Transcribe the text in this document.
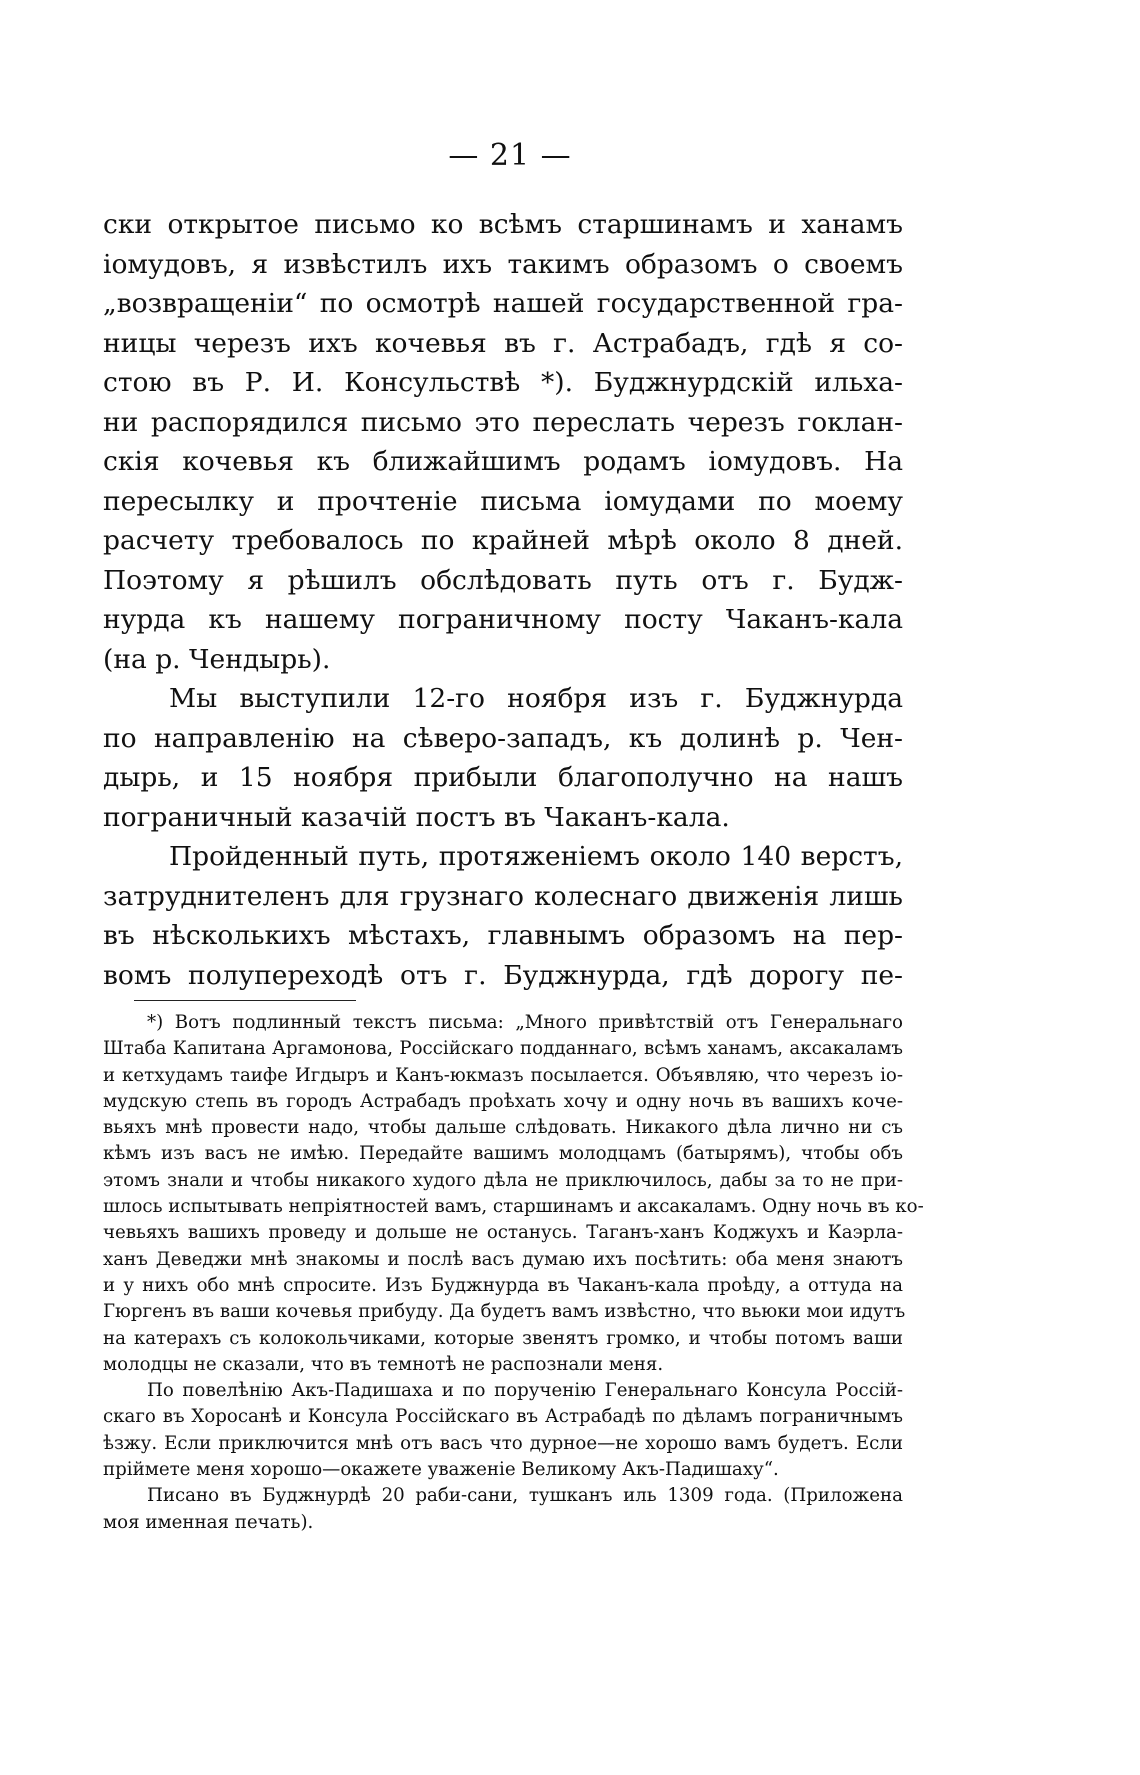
— 21 —
ски открытое письмо ко всѣмъ старшинамъ и ханамъ
іомудовъ, я извѣстилъ ихъ такимъ образомъ о своемъ
„возвращеніи“ по осмотрѣ нашей государственной гра-
ницы черезъ ихъ кочевья въ г. Астрабадъ, гдѣ я со-
стою въ Р. И. Консульствѣ *). Буджнурдскій ильха-
ни распорядился письмо это переслать черезъ гоклан-
скія кочевья къ ближайшимъ родамъ іомудовъ. На
пересылку и прочтеніе письма іомудами по моему
расчету требовалось по крайней мѣрѣ около 8 дней.
Поэтому я рѣшилъ обслѣдовать путь отъ г. Будж-
нурда къ нашему пограничному посту Чаканъ-кала
(на р. Чендырь).
Мы выступили 12-го ноября изъ г. Буджнурда
по направленію на сѣверо-западъ, къ долинѣ р. Чен-
дырь, и 15 ноября прибыли благополучно на нашъ
пограничный казачій постъ въ Чаканъ-кала.
Пройденный путь, протяженіемъ около 140 верстъ,
затруднителенъ для грузнаго колеснаго движенія лишь
въ нѣсколькихъ мѣстахъ, главнымъ образомъ на пер-
вомъ полупереходѣ отъ г. Буджнурда, гдѣ дорогу пе-
*) Вотъ подлинный текстъ письма: „Много привѣтствій отъ Генеральнаго
Штаба Капитана Аргамонова, Россійскаго подданнаго, всѣмъ ханамъ, аксакаламъ
и кетхудамъ таифе Игдыръ и Канъ-юкмазъ посылается. Объявляю, что черезъ іо-
мудскую степь въ городъ Астрабадъ проѣхать хочу и одну ночь въ вашихъ коче-
вьяхъ мнѣ провести надо, чтобы дальше слѣдовать. Никакого дѣла лично ни съ
кѣмъ изъ васъ не имѣю. Передайте вашимъ молодцамъ (батырямъ), чтобы объ
этомъ знали и чтобы никакого худого дѣла не приключилось, дабы за то не при-
шлось испытывать непріятностей вамъ, старшинамъ и аксакаламъ. Одну ночь въ ко-
чевьяхъ вашихъ проведу и дольше не останусь. Таганъ-ханъ Коджухъ и Каэрла-
ханъ Деведжи мнѣ знакомы и послѣ васъ думаю ихъ посѣтить: оба меня знаютъ
и у нихъ обо мнѣ спросите. Изъ Буджнурда въ Чаканъ-кала проѣду, а оттуда на
Гюргенъ въ ваши кочевья прибуду. Да будетъ вамъ извѣстно, что вьюки мои идутъ
на катерахъ съ колокольчиками, которые звенятъ громко, и чтобы потомъ ваши
молодцы не сказали, что въ темнотѣ не распознали меня.
По повелѣнію Акъ-Падишаха и по порученію Генеральнаго Консула Россій-
скаго въ Хоросанѣ и Консула Россійскаго въ Астрабадѣ по дѣламъ пограничнымъ
ѣзжу. Если приключится мнѣ отъ васъ что дурное—не хорошо вамъ будетъ. Если
пріймете меня хорошо—окажете уваженіе Великому Акъ-Падишаху“.
Писано въ Буджнурдѣ 20 раби-сани, тушканъ иль 1309 года. (Приложена
моя именная печать).
